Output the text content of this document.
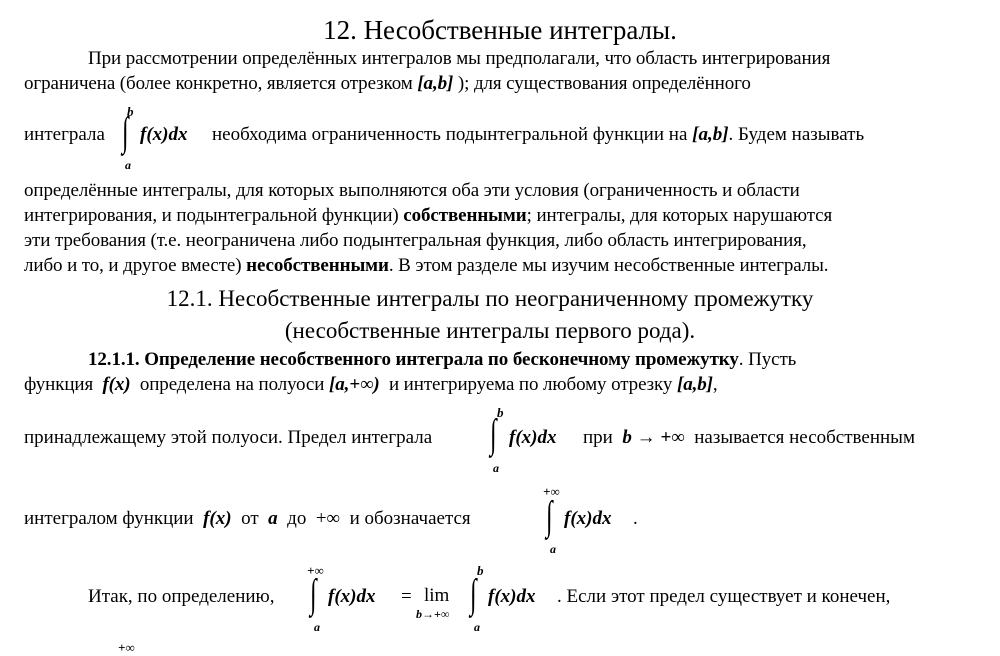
12. Несобственные интегралы.
При рассмотрении определённых интегралов мы предполагали, что область интегрирования
ограничена (более конкретно, является отрезком [a,b] ); для существования определённого
интеграла
b
∫
a
f(x)dx необходима ограниченность подынтегральной функции на [a,b]. Будем называть
определённые интегралы, для которых выполняются оба эти условия (ограниченность и области
интегрирования, и подынтегральной функции) собственными; интегралы, для которых нарушаются
эти требования (т.е. неограничена либо подынтегральная функция, либо область интегрирования,
либо и то, и другое вместе) несобственными. В этом разделе мы изучим несобственные интегралы.
12.1. Несобственные интегралы по неограниченному промежутку
(несобственные интегралы первого рода).
12.1.1. Определение несобственного интеграла по бесконечному промежутку. Пусть
функция f(x) определена на полуоси [a,+∞) и интегрируема по любому отрезку [a,b],
принадлежащему этой полуоси. Предел интеграла
b
∫
a
f(x)dx при b → +∞ называется несобственным
интегралом функции f(x) от a до +∞ и обозначается
+∞
∫
a
f(x)dx .
Итак, по определению,
+∞
∫
a
f(x)dx = lim
b→+∞
b
∫
a
f(x)dx . Если этот предел существует и конечен,
+∞
